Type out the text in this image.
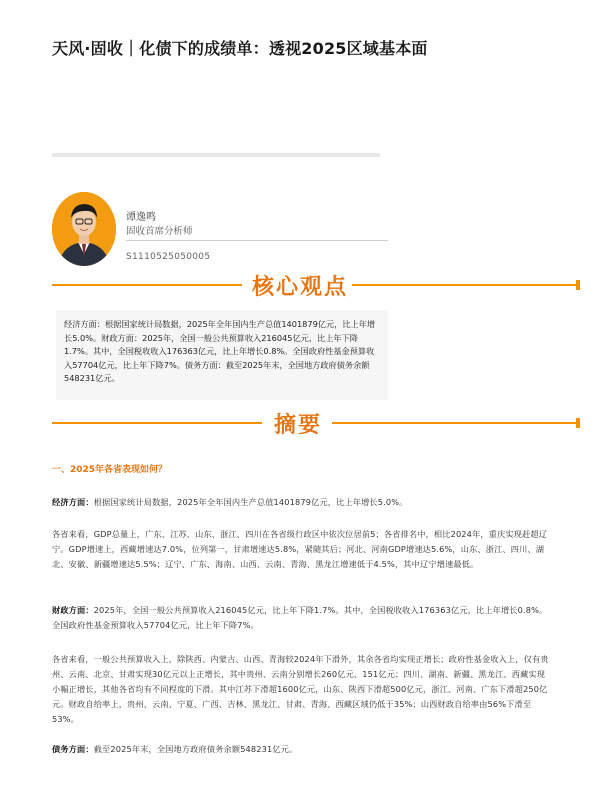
天风·固收｜化债下的成绩单：透视2025区域基本面
谭逸鸣
固收首席分析师
S1110525050005
核心观点
经济方面：根据国家统计局数据，2025年全年国内生产总值1401879亿元，比上年增长5.0%。财政方面：2025年，全国一般公共预算收入216045亿元，比上年下降1.7%。其中，全国税收收入176363亿元，比上年增长0.8%。全国政府性基金预算收入57704亿元，比上年下降7%。债务方面：截至2025年末，全国地方政府债务余额548231亿元。
摘要
一、2025年各省表现如何？
经济方面：根据国家统计局数据，2025年全年国内生产总值1401879亿元，比上年增长5.0%。
各省来看，GDP总量上，广东、江苏、山东、浙江、四川在各省级行政区中依次位居前5；各省排名中，相比2024年，重庆实现赶超辽宁。GDP增速上，西藏增速达7.0%，位列第一，甘肃增速达5.8%，紧随其后；河北、河南GDP增速达5.6%，山东、浙江、四川、湖北、安徽、新疆增速达5.5%；辽宁、广东、海南、山西、云南、青海、黑龙江增速低于4.5%，其中辽宁增速最低。
财政方面：2025年，全国一般公共预算收入216045亿元，比上年下降1.7%。其中，全国税收收入176363亿元，比上年增长0.8%。全国政府性基金预算收入57704亿元，比上年下降7%。
各省来看，一般公共预算收入上，除陕西、内蒙古、山西、青海较2024年下滑外，其余各省均实现正增长；政府性基金收入上，仅有贵州、云南、北京、甘肃实现30亿元以上正增长，其中贵州、云南分别增长260亿元、151亿元；四川、湖南、新疆、黑龙江、西藏实现小幅正增长，其他各省均有不同程度的下滑。其中江苏下滑超1600亿元，山东、陕西下滑超500亿元，浙江、河南、广东下滑超250亿元。财政自给率上，贵州、云南、宁夏、广西、吉林、黑龙江、甘肃、青海、西藏区域仍低于35%；山西财政自给率由56%下滑至53%。
债务方面：截至2025年末，全国地方政府债务余额548231亿元。
